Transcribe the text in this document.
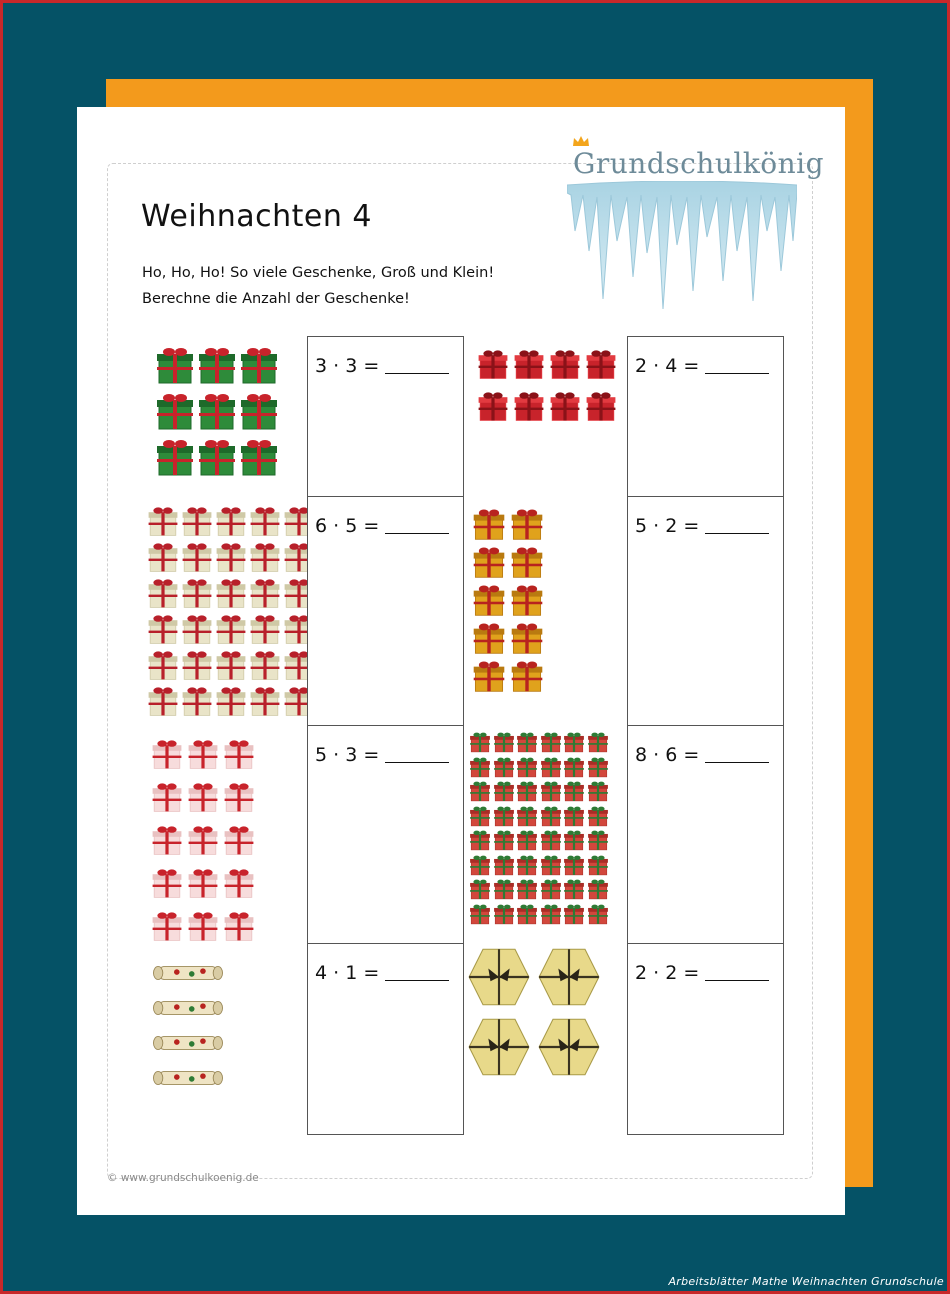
Grundschulkönig
Weihnachten 4
Ho, Ho, Ho! So viele Geschenke, Groß und Klein!
Berechne die Anzahl der Geschenke!
3 · 3 =	2 · 4 =
6 · 5 =	5 · 2 =
5 · 3 =	8 · 6 =
4 · 1 =	2 · 2 =
© www.grundschulkoenig.de
Arbeitsblätter Mathe Weihnachten Grundschule
